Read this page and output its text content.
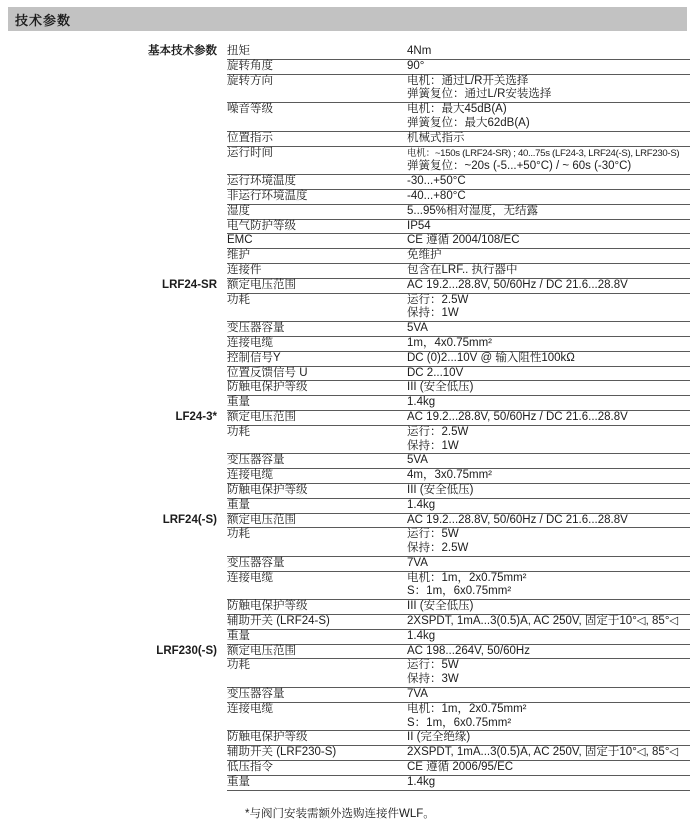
技术参数
基本技术参数 扭矩	4Nm
旋转角度	90°
旋转方向	电机：通过L/R开关选择
弹簧复位：通过L/R安装选择
噪音等级	电机：最大45dB(A)
弹簧复位：最大62dB(A)
位置指示	机械式指示
运行时间	电机：~150s (LRF24-SR) ; 40...75s (LF24-3, LRF24(-S), LRF230-S)
弹簧复位：~20s (-5...+50°C) / ~ 60s (-30°C)
运行环境温度	-30...+50°C
非运行环境温度	-40...+80°C
湿度	5...95%相对湿度，无结露
电气防护等级	IP54
EMC	CE 遵循 2004/108/EC
维护	免维护
连接件	包含在LRF.. 执行器中
LRF24-SR 额定电压范围	AC 19.2...28.8V, 50/60Hz / DC 21.6...28.8V
功耗	运行：2.5W
保持：1W
变压器容量	5VA
连接电缆	1m，4x0.75mm²
控制信号Y	DC (0)2...10V @ 输入阻性100kΩ
位置反馈信号 U	DC 2...10V
防触电保护等级	III (安全低压)
重量	1.4kg
LF24-3* 额定电压范围	AC 19.2...28.8V, 50/60Hz / DC 21.6...28.8V
功耗	运行：2.5W
保持：1W
变压器容量	5VA
连接电缆	4m，3x0.75mm²
防触电保护等级	III (安全低压)
重量	1.4kg
LRF24(-S) 额定电压范围	AC 19.2...28.8V, 50/60Hz / DC 21.6...28.8V
功耗	运行：5W
保持：2.5W
变压器容量	7VA
连接电缆	电机：1m，2x0.75mm²
S：1m，6x0.75mm²
防触电保护等级	III (安全低压)
辅助开关 (LRF24-S)	2XSPDT, 1mA...3(0.5)A, AC 250V, 固定于10°◁, 85°◁
重量	1.4kg
LRF230(-S) 额定电压范围	AC 198...264V, 50/60Hz
功耗	运行：5W
保持：3W
变压器容量	7VA
连接电缆	电机：1m，2x0.75mm²
S：1m，6x0.75mm²
防触电保护等级	II (完全绝缘)
辅助开关 (LRF230-S)	2XSPDT, 1mA...3(0.5)A, AC 250V, 固定于10°◁, 85°◁
低压指令	CE 遵循 2006/95/EC
重量	1.4kg
*与阀门安装需额外选购连接件WLF。
